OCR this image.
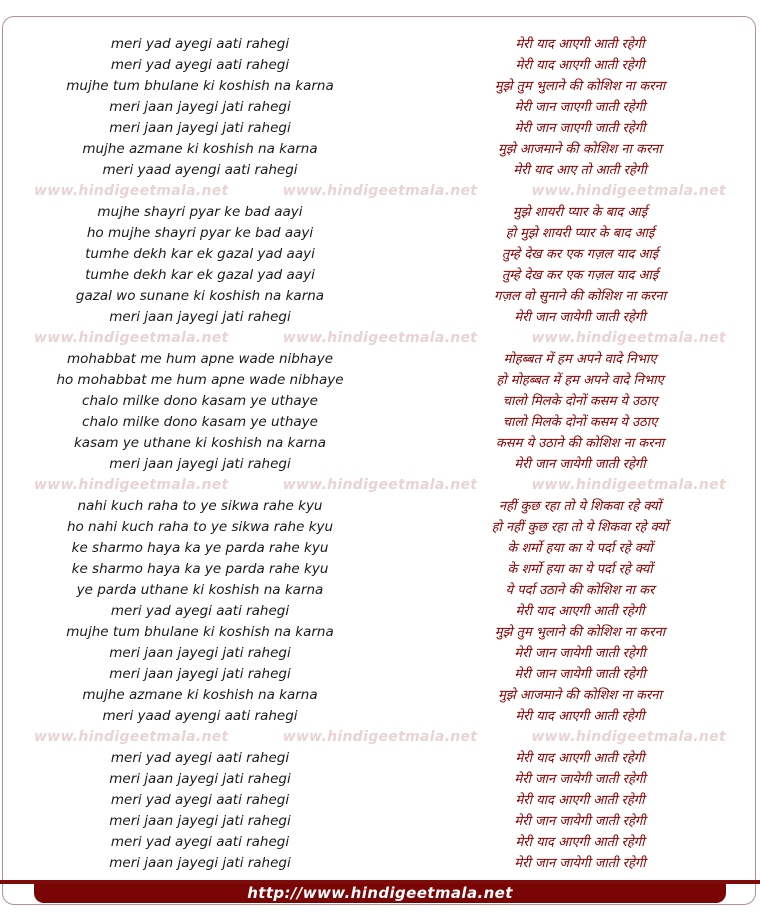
meri yad ayegi aati rahegi	मेरी याद आएगी आती रहेगी
meri yad ayegi aati rahegi	मेरी याद आएगी आती रहेगी
mujhe tum bhulane ki koshish na karna	मुझे तुम भुलाने की कोशिश ना करना
meri jaan jayegi jati rahegi	मेरी जान जाएगी जाती रहेगी
meri jaan jayegi jati rahegi	मेरी जान जाएगी जाती रहेगी
mujhe azmane ki koshish na karna	मुझे आजमाने की कोशिश ना करना
meri yaad ayengi aati rahegi	मेरी याद आए तो आती रहेगी
www.hindigeetmala.net	www.hindigeetmala.net	www.hindigeetmala.net
mujhe shayri pyar ke bad aayi	मुझे शायरी प्यार के बाद आई
ho mujhe shayri pyar ke bad aayi	हो मुझे शायरी प्यार के बाद आई
tumhe dekh kar ek gazal yad aayi	तुम्हे देख कर एक गज़ल याद आई
tumhe dekh kar ek gazal yad aayi	तुम्हे देख कर एक गज़ल याद आई
gazal wo sunane ki koshish na karna	गज़ल वो सुनाने की कोशिश ना करना
meri jaan jayegi jati rahegi	मेरी जान जायेगी जाती रहेगी
www.hindigeetmala.net	www.hindigeetmala.net	www.hindigeetmala.net
mohabbat me hum apne wade nibhaye	मोहब्बत में हम अपने वादे निभाए
ho mohabbat me hum apne wade nibhaye	हो मोहब्बत में हम अपने वादे निभाए
chalo milke dono kasam ye uthaye	चालो मिलके दोनों कसम ये उठाए
chalo milke dono kasam ye uthaye	चालो मिलके दोनों कसम ये उठाए
kasam ye uthane ki koshish na karna	कसम ये उठाने की कोशिश ना करना
meri jaan jayegi jati rahegi	मेरी जान जायेगी जाती रहेगी
www.hindigeetmala.net	www.hindigeetmala.net	www.hindigeetmala.net
nahi kuch raha to ye sikwa rahe kyu	नहीं कुछ रहा तो ये शिकवा रहे क्यों
ho nahi kuch raha to ye sikwa rahe kyu	हो नहीं कुछ रहा तो ये शिकवा रहे क्यों
ke sharmo haya ka ye parda rahe kyu	के शर्मो हया का ये पर्दा रहे क्यों
ke sharmo haya ka ye parda rahe kyu	के शर्मो हया का ये पर्दा रहे क्यों
ye parda uthane ki koshish na karna	ये पर्दा उठाने की कोशिश ना कर
meri yad ayegi aati rahegi	मेरी याद आएगी आती रहेगी
mujhe tum bhulane ki koshish na karna	मुझे तुम भुलाने की कोशिश ना करना
meri jaan jayegi jati rahegi	मेरी जान जायेगी जाती रहेगी
meri jaan jayegi jati rahegi	मेरी जान जायेगी जाती रहेगी
mujhe azmane ki koshish na karna	मुझे आजमाने की कोशिश ना करना
meri yaad ayengi aati rahegi	मेरी याद आएगी आती रहेगी
www.hindigeetmala.net	www.hindigeetmala.net	www.hindigeetmala.net
meri yad ayegi aati rahegi	मेरी याद आएगी आती रहेगी
meri jaan jayegi jati rahegi	मेरी जान जायेगी जाती रहेगी
meri yad ayegi aati rahegi	मेरी याद आएगी आती रहेगी
meri jaan jayegi jati rahegi	मेरी जान जायेगी जाती रहेगी
meri yad ayegi aati rahegi	मेरी याद आएगी आती रहेगी
meri jaan jayegi jati rahegi	मेरी जान जायेगी जाती रहेगी
http://www.hindigeetmala.net
